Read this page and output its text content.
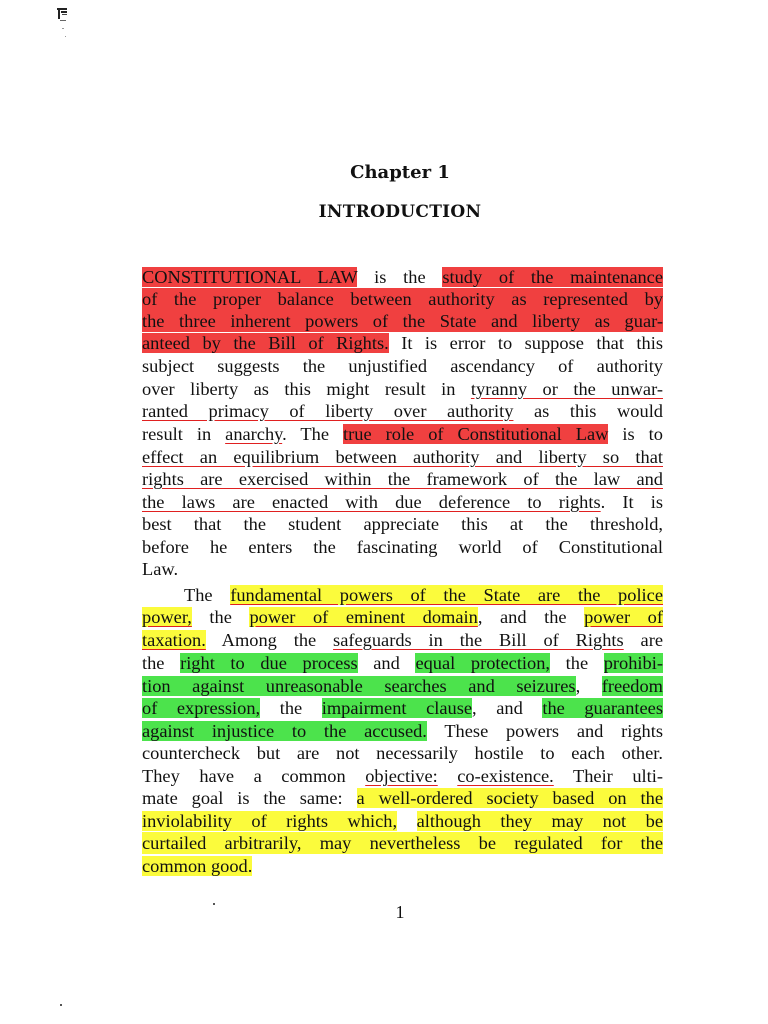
Chapter 1
INTRODUCTION
CONSTITUTIONAL LAW is the study of the maintenance
of the proper balance between authority as represented by
the three inherent powers of the State and liberty as guar-
anteed by the Bill of Rights. It is error to suppose that this
subject suggests the unjustified ascendancy of authority
over liberty as this might result in tyranny or the unwar-
ranted primacy of liberty over authority as this would
result in anarchy. The true role of Constitutional Law is to
effect an equilibrium between authority and liberty so that
rights are exercised within the framework of the law and
the laws are enacted with due deference to rights. It is
best that the student appreciate this at the threshold,
before he enters the fascinating world of Constitutional
Law.
The fundamental powers of the State are the police
power, the power of eminent domain, and the power of
taxation. Among the safeguards in the Bill of Rights are
the right to due process and equal protection, the prohibi-
tion against unreasonable searches and seizures, freedom
of expression, the impairment clause, and the guarantees
against injustice to the accused. These powers and rights
countercheck but are not necessarily hostile to each other.
They have a common objective: co-existence. Their ulti-
mate goal is the same: a well-ordered society based on the
inviolability of rights which, although they may not be
curtailed arbitrarily, may nevertheless be regulated for the
common good.
1
